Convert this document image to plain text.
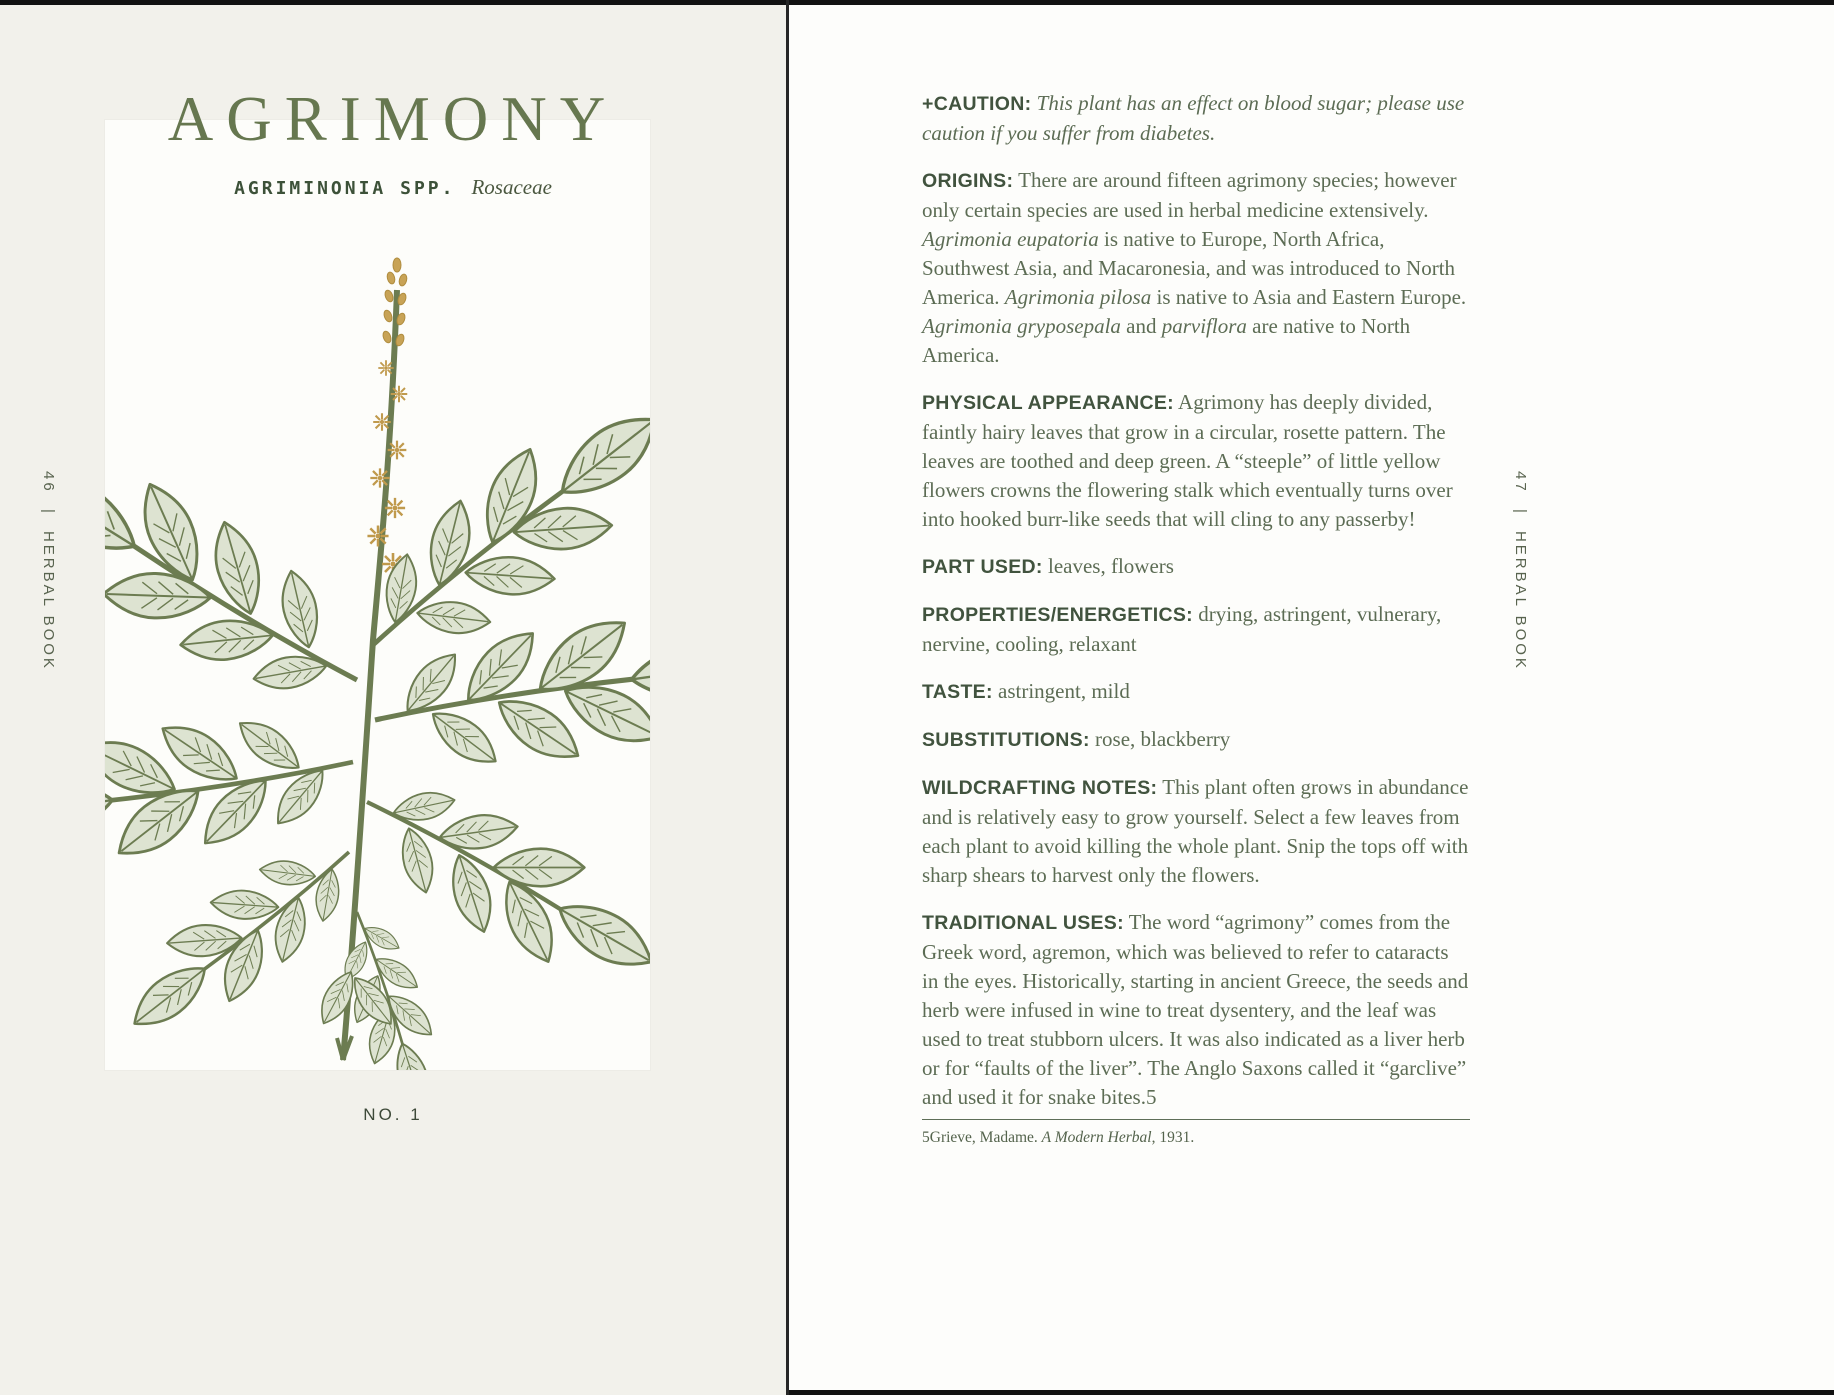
AGRIMONY
AGRIMINONIA SPP. Rosaceae
NO. 1
46 | HERBAL BOOK

+CAUTION: This plant has an effect on blood sugar; please use caution if you suffer from diabetes.

ORIGINS: There are around fifteen agrimony species; however only certain species are used in herbal medicine extensively. Agrimonia eupatoria is native to Europe, North Africa, Southwest Asia, and Macaronesia, and was introduced to North America. Agrimonia pilosa is native to Asia and Eastern Europe. Agrimonia gryposepala and parviflora are native to North America.

PHYSICAL APPEARANCE: Agrimony has deeply divided, faintly hairy leaves that grow in a circular, rosette pattern. The leaves are toothed and deep green. A “steeple” of little yellow flowers crowns the flowering stalk which eventually turns over into hooked burr-like seeds that will cling to any passerby!

PART USED: leaves, flowers

PROPERTIES/ENERGETICS: drying, astringent, vulnerary, nervine, cooling, relaxant

TASTE: astringent, mild

SUBSTITUTIONS: rose, blackberry

WILDCRAFTING NOTES: This plant often grows in abundance and is relatively easy to grow yourself. Select a few leaves from each plant to avoid killing the whole plant. Snip the tops off with sharp shears to harvest only the flowers.

TRADITIONAL USES: The word “agrimony” comes from the Greek word, agremon, which was believed to refer to cataracts in the eyes. Historically, starting in ancient Greece, the seeds and herb were infused in wine to treat dysentery, and the leaf was used to treat stubborn ulcers. It was also indicated as a liver herb or for “faults of the liver”. The Anglo Saxons called it “garclive” and used it for snake bites.5

5Grieve, Madame. A Modern Herbal, 1931.
47 | HERBAL BOOK
